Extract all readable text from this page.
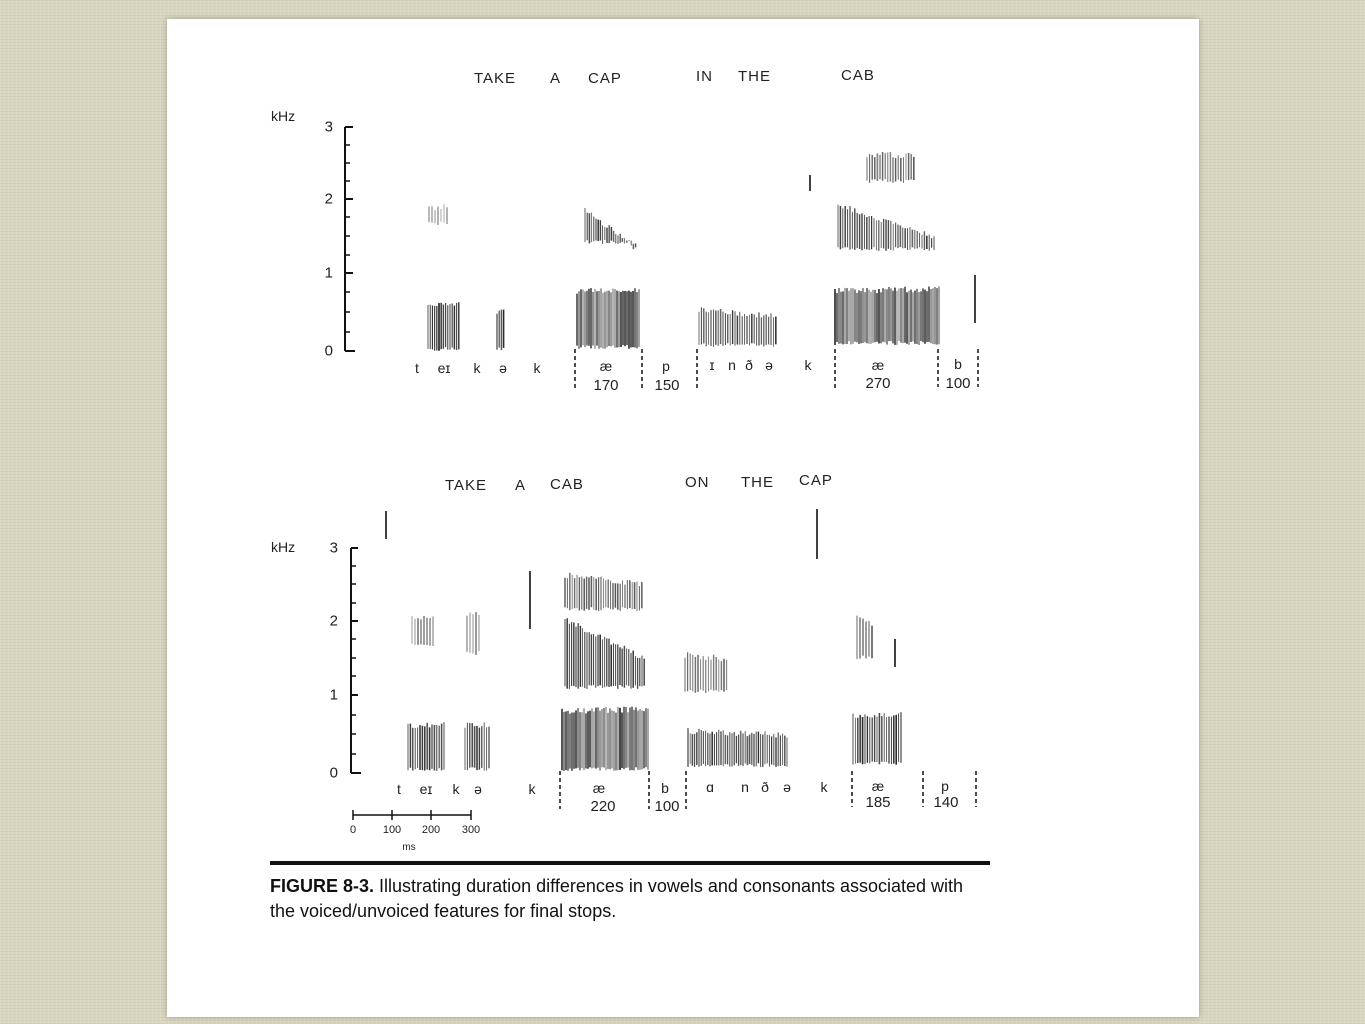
TAKE A CAP	IN THE	CAB
kHz
3
2
1
0
t eɪ k ə k	æ	p	ɪ n ð ə k	æ	b
170 150	270	100
TAKE A CAB	ON THE CAP
kHz 3
2
1
0
t eɪ k ə	k	æ	b	ɑ n ð ə k	æ	p
220	100	185	140
0 100 200 300
ms
FIGURE 8-3. Illustrating duration differences in vowels and consonants associated with the voiced/unvoiced features for final stops.
